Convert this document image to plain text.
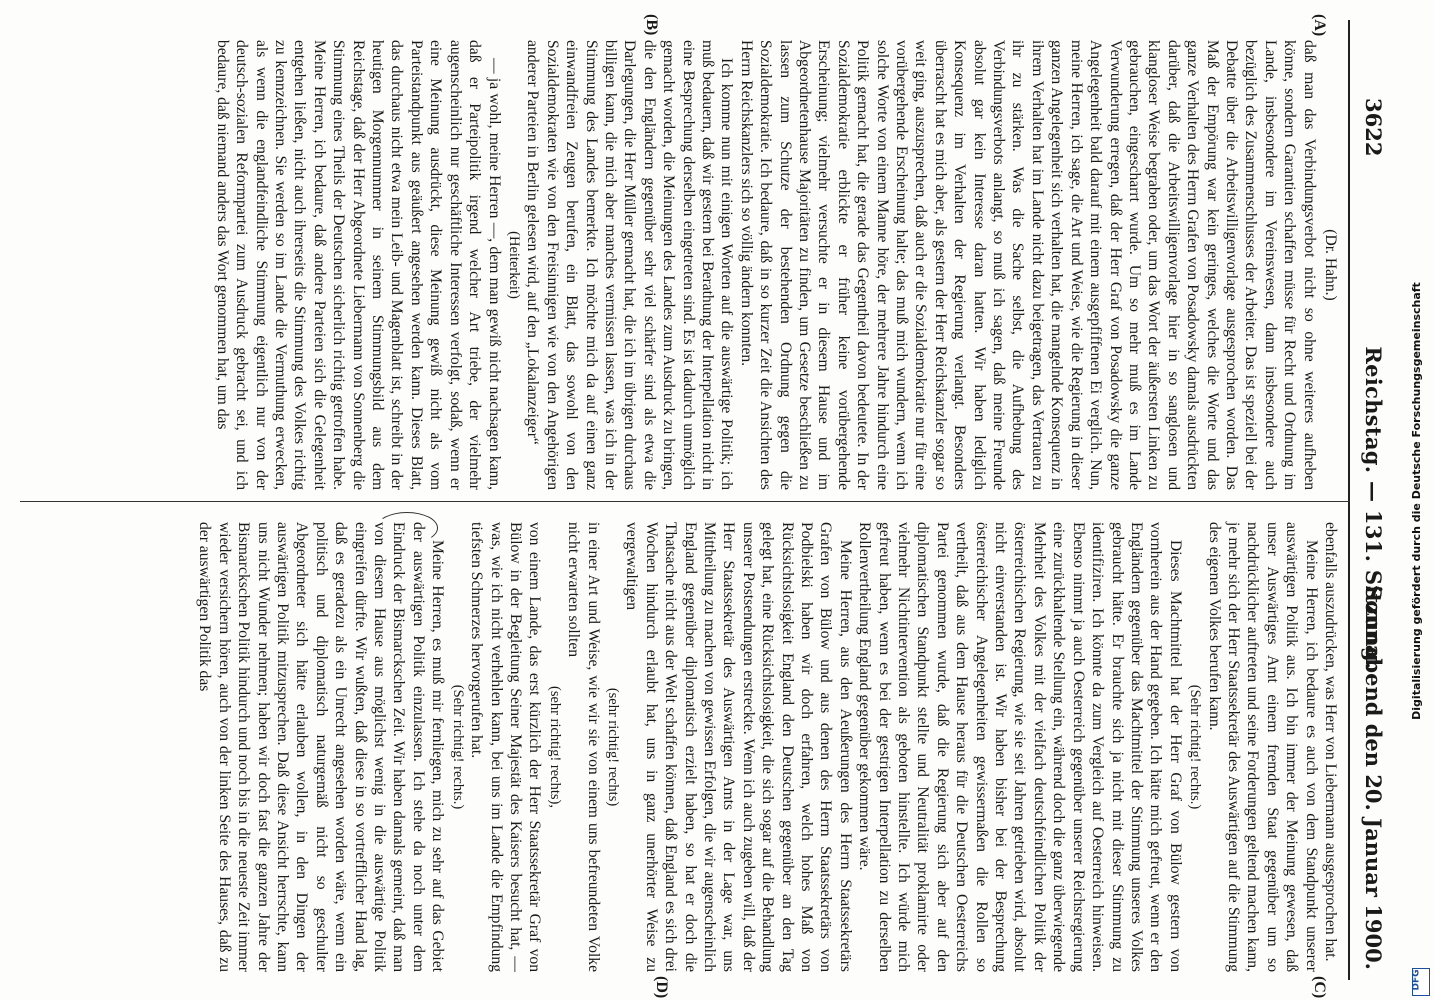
3622
Reichstag. — 131. Sitzung.
Sonnabend den 20. Januar 1900.
(A)
(B)
(C)
(D)

(Dr. Hahn.)

daß man das Verbindungsverbot nicht so ohne weiteres aufheben könne, sondern Garantien schaffen müsse für Recht und Ordnung im Lande, insbesondere im Vereinswesen, dann insbesondere auch bezüglich des Zusammenschlusses der Arbeiter. Das ist speziell bei der Debatte über die Arbeitswilligenvorlage ausgesprochen worden. Das Maß der Empörung war kein geringes, welches die Worte und das ganze Verhalten des Herrn Grafen von Posadowsky damals ausdrückten darüber, daß die Arbeitswilligenvorlage hier in so sanglosen und klangloser Weise begraben oder, um das Wort der äußersten Linken zu gebrauchen, eingescharrt wurde. Um so mehr muß es im Lande Verwunderung erregen, daß der Herr Graf von Posadowsky die ganze Angelegenheit bald darauf mit einem ausgepfiffenen Ei verglich. Nun, meine Herren, ich sage, die Art und Weise, wie die Regierung in dieser ganzen Angelegenheit sich verhalten hat, die mangelnde Konsequenz in ihrem Verhalten hat im Lande nicht dazu beigetragen, das Vertrauen zu ihr zu stärken. Was die Sache selbst, die Aufhebung des Verbindungsverbots anlangt, so muß ich sagen, daß meine Freunde absolut gar kein Interesse daran hatten. Wir haben lediglich Konsequenz im Verhalten der Regierung verlangt. Besonders überrascht hat es mich aber, als gestern der Herr Reichskanzler sogar so weit ging, auszusprechen, daß auch er die Sozialdemokratie nur für eine vorübergehende Erscheinung halte; das muß mich wundern, wenn ich solche Worte von einem Manne höre, der mehrere Jahre hindurch eine Politik gemacht hat, die gerade das Gegentheil davon bedeutete. In der Sozialdemokratie erblickte er früher keine vorübergehende Erscheinung; vielmehr versuchte er in diesem Hause und im Abgeordnetenhause Majoritäten zu finden, um Gesetze beschließen zu lassen zum Schutze der bestehenden Ordnung gegen die Sozialdemokratie. Ich bedaure, daß in so kurzer Zeit die Ansichten des Herrn Reichskanzlers sich so völlig ändern konnten.

Ich komme nun mit einigen Worten auf die auswärtige Politik; ich muß bedauern, daß wir gestern bei Berathung der Interpellation nicht in eine Besprechung derselben eingetreten sind. Es ist dadurch unmöglich gemacht worden, die Meinungen des Landes zum Ausdruck zu bringen, die den Engländern gegenüber sehr viel schärfer sind als etwa die Darlegungen, die Herr Müller gemacht hat, die ich im übrigen durchaus billigen kann, die mich aber manches vermissen lassen, was ich in der Stimmung des Landes bemerkte. Ich möchte mich da auf einen ganz einwandfreien Zeugen berufen, ein Blatt, das sowohl von den Sozialdemokraten wie von den Freisinnigen wie von den Angehörigen anderer Parteien in Berlin gelesen wird, auf den „Lokalanzeiger“

(Heiterkeit)

— ja wohl, meine Herren —, dem man gewiß nicht nachsagen kann, daß er Parteipolitik irgend welcher Art triebe, der vielmehr augenscheinlich nur geschäftliche Interessen verfolgt, sodaß, wenn er eine Meinung ausdrückt, diese Meinung gewiß nicht als vom Parteistandpunkt aus geäußert angesehen werden kann. Dieses Blatt, das durchaus nicht etwa mein Leib- und Magenblatt ist, schreibt in der heutigen Morgennummer in seinem Stimmungsbild aus dem Reichstage, daß der Herr Abgeordnete Liebermann von Sonnenberg die Stimmung eines Theils der Deutschen sicherlich richtig getroffen habe. Meine Herren, ich bedaure, daß andere Parteien sich die Gelegenheit entgehen ließen, nicht auch ihrerseits die Stimmung des Volkes richtig zu kennzeichnen. Sie werden so im Lande die Vermuthung erwecken, als wenn die englandfeindliche Stimmung eigentlich nur von der deutsch-sozialen Reformpartei zum Ausdruck gebracht sei, und ich bedaure, daß niemand anders das Wort genommen hat, um das

ebenfalls auszudrücken, was Herr von Liebermann ausgesprochen hat.

Meine Herren, ich bedaure es auch von dem Standpunkt unserer auswärtigen Politik aus. Ich bin immer der Meinung gewesen, daß unser Auswärtiges Amt einem fremden Staat gegenüber um so nachdrücklicher auftreten und seine Forderungen geltend machen kann, je mehr sich der Herr Staatssekretär des Auswärtigen auf die Stimmung des eigenen Volkes berufen kann.

(Sehr richtig! rechts.)

Dieses Machtmittel hat der Herr Graf von Bülow gestern von vornherein aus der Hand gegeben. Ich hätte mich gefreut, wenn er den Engländern gegenüber das Machtmittel der Stimmung unseres Volkes gebraucht hätte. Er brauchte sich ja nicht mit dieser Stimmung zu identifiziren. Ich könnte da zum Vergleich auf Oesterreich hinweisen. Ebenso nimmt ja auch Oesterreich gegenüber unserer Reichsregierung eine zurückhaltende Stellung ein, während doch die ganz überwiegende Mehrheit des Volkes mit der vielfach deutschfeindlichen Politik der österreichischen Regierung, wie sie seit Jahren getrieben wird, absolut nicht einverstanden ist. Wir haben bisher bei der Besprechung österreichischer Angelegenheiten gewissermaßen die Rollen so vertheilt, daß aus dem Hause heraus für die Deutschen Oesterreichs Partei genommen wurde, daß die Regierung sich aber auf den diplomatischen Standpunkt stellte und Neutralität proklamirte oder vielmehr Nichtintervention als geboten hinstellte. Ich würde mich gefreut haben, wenn es bei der gestrigen Interpellation zu derselben Rollenvertheilung England gegenüber gekommen wäre.

Meine Herren, aus den Aeußerungen des Herrn Staatssekretärs Grafen von Bülow und aus denen des Herrn Staatssekretärs von Podbielski haben wir doch erfahren, welch hohes Maß von Rücksichtslosigkeit England den Deutschen gegenüber an den Tag gelegt hat, eine Rücksichtslosigkeit, die sich sogar auf die Behandlung unserer Postsendungen erstreckte. Wenn ich auch zugeben will, daß der Herr Staatssekretär des Auswärtigen Amts in der Lage war, uns Mittheilung zu machen von gewissen Erfolgen, die wir augenscheinlich England gegenüber diplomatisch erzielt haben, so hat er doch die Thatsache nicht aus der Welt schaffen können, daß England es sich drei Wochen hindurch erlaubt hat, uns in ganz unerhörter Weise zu vergewaltigen

(sehr richtig! rechts)

in einer Art und Weise, wie wir sie von einem uns befreundeten Volke nicht erwarten sollten

(sehr richtig! rechts),

von einem Lande, das erst kürzlich der Herr Staatssekretär Graf von Bülow in der Begleitung Seiner Majestät des Kaisers besucht hat, — was, wie ich nicht verhehlen kann, bei uns im Lande die Empfindung tiefsten Schmerzes hervorgerufen hat.

(Sehr richtig! rechts.)

Meine Herren, es muß mir fernliegen, mich zu sehr auf das Gebiet der auswärtigen Politik einzulassen. Ich stehe da noch unter dem Eindruck der Bismarckschen Zeit. Wir haben damals gemeint, daß man von diesem Hause aus möglichst wenig in die auswärtige Politik eingreifen dürfte. Wir wußten, daß diese in so vortrefflicher Hand lag, daß es geradezu als ein Unrecht angesehen worden wäre, wenn ein politisch und diplomatisch naturgemäß nicht so geschulter Abgeordneter sich hätte erlauben wollen, in den Dingen der auswärtigen Politik mitzusprechen. Daß diese Ansicht herrschte, kann uns nicht Wunder nehmen; haben wir doch fast die ganzen Jahre der Bismarckschen Politik hindurch und noch bis in die neueste Zeit immer wieder versichern hören, auch von der linken Seite des Hauses, daß zu der auswärtigen Politik das	Digitalisierung gefördert durch die Deutsche Forschungsgemeinschaft
DFG
